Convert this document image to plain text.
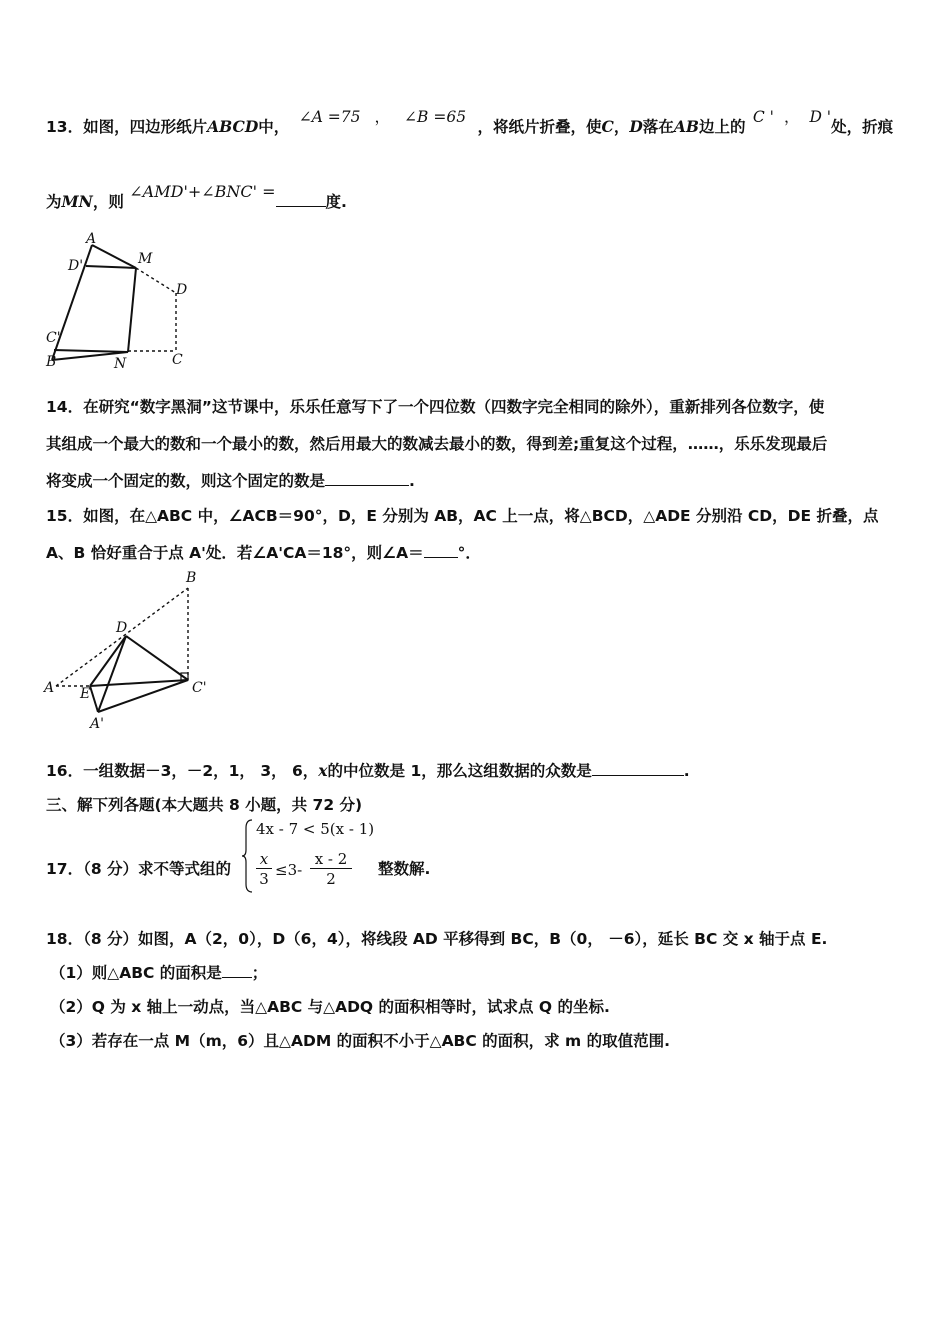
13．如图，四边形纸片ABCD中， ∠A =75 ， ∠B =65 ，将纸片折叠，使C，D落在AB边上的 C ' ， D '处，折痕
为MN，则 ∠AMD'+∠BNC' =度.
A
D'	M
D
C'
B	N	C
14．在研究“数字黑洞”这节课中，乐乐任意写下了一个四位数（四数字完全相同的除外），重新排列各位数字，使
其组成一个最大的数和一个最小的数，然后用最大的数减去最小的数，得到差;重复这个过程，……，乐乐发现最后
将变成一个固定的数，则这个固定的数是	.
15．如图，在△ABC 中，∠ACB＝90°，D，E 分别为 AB，AC 上一点，将△BCD，△ADE 分别沿 CD，DE 折叠，点
A、B 恰好重合于点 A'处．若∠A'CA＝18°，则∠A＝ °．
B
D
A E	C'
A'
16．一组数据－3，－2，1， 3， 6，x的中位数是 1，那么这组数据的众数是	.
三、解下列各题(本大题共 8 小题，共 72 分)
17．（8 分）求不等式组的
4x - 7 < 5(x - 1)
$\frac{x}{3} \le 3- \frac{x - 2}{2}$ 整数解.
18．（8 分）如图，A（2，0），D（6，4），将线段 AD 平移得到 BC，B（0， －6），延长 BC 交 x 轴于点 E.
（1）则△ABC 的面积是 ；
（2）Q 为 x 轴上一动点，当△ABC 与△ADQ 的面积相等时，试求点 Q 的坐标.
（3）若存在一点 M（m，6）且△ADM 的面积不小于△ABC 的面积，求 m 的取值范围.
